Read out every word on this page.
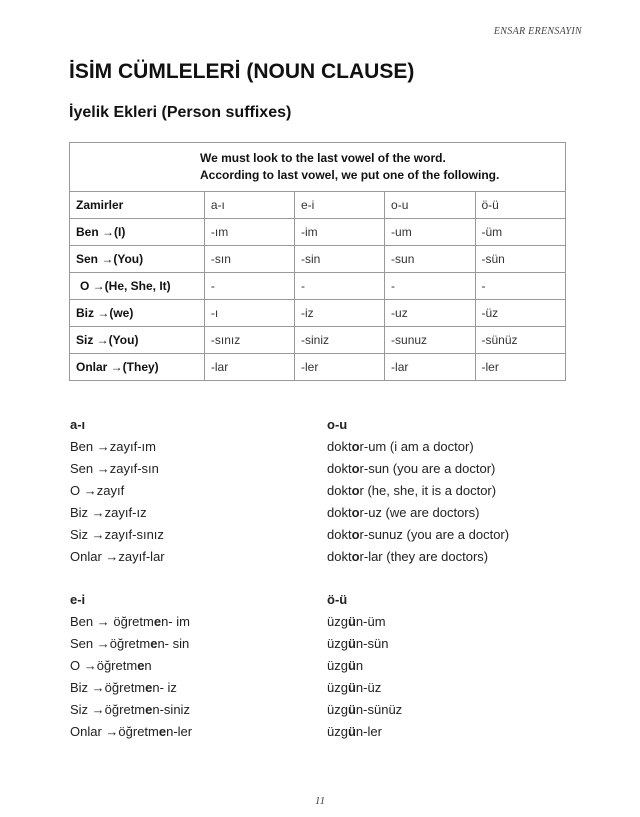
ENSAR ERENSAYIN
İSİM CÜMLELERİ (NOUN CLAUSE)
İyelik Ekleri (Person suffixes)
We must look to the last vowel of the word.
According to last vowel, we put one of the following.				

Zamirler	a-ı	e-i	o-u	ö-ü
Ben →(I)	-ım	-im	-um	-üm
Sen →(You)	-sın	-sin	-sun	-sün
O →(He, She, It)	-	-	-	-
Biz →(we)	-ı	-iz	-uz	-üz
Siz →(You)	-sınız	-siniz	-sunuz	-sünüz
Onlar →(They)	-lar	-ler	-lar	-ler
a-ı
Ben →zayıf-ım
Sen →zayıf-sın
O →zayıf
Biz →zayıf-ız
Siz →zayıf-sınız
Onlar →zayıf-lar
o-u
doktor-um (i am a doctor)
doktor-sun (you are a doctor)
doktor (he, she, it is a doctor)
doktor-uz (we are doctors)
doktor-sunuz (you are a doctor)
doktor-lar (they are doctors)
e-i
Ben → öğretmen- im
Sen →öğretmen- sin
O →öğretmen
Biz →öğretmen- iz
Siz →öğretmen-siniz
Onlar →öğretmen-ler
ö-ü
üzgün-üm
üzgün-sün
üzgün
üzgün-üz
üzgün-sünüz
üzgün-ler
11
